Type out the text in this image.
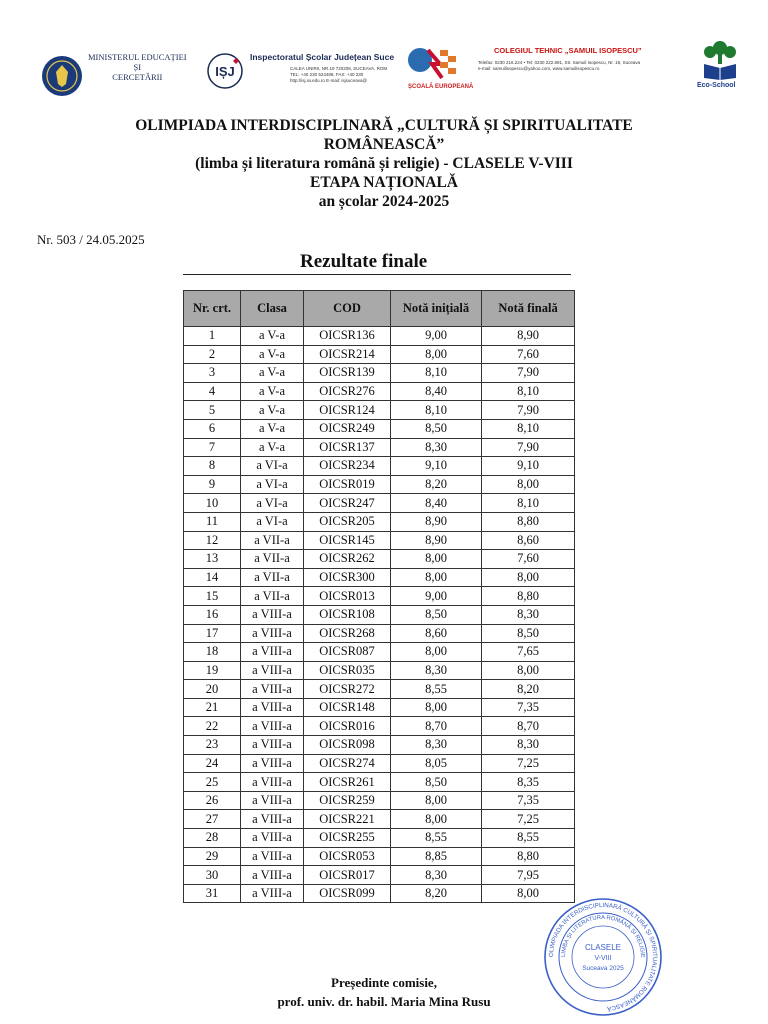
MINISTERUL EDUCAȚIEI
ȘI
CERCETĂRII	IȘJ
Inspectoratul Școlar Județean Suce
CALEA UNIRII, NR.19 720208, SUCEAVA, ROM
TEL: +40 230 524488, FAX: +40 230
http://isj.sv.edu.ro E-mail: isjsuceava@
ȘCOALĂ EUROPEANĂ
COLEGIUL TEHNIC „SAMUIL ISOPESCU”
Telefax: 0230 216.224 • Tel: 0230 222.891, Str. Samuil Isopescu, Nr. 19, Suceava
e-mail: samuilisopescu@yahoo.com, www.samuilisopescu.ro
Eco-School
OLIMPIADA INTERDISCIPLINARĂ „CULTURĂ ȘI SPIRITUALITATE
ROMÂNEASCĂ”
(limba și literatura română și religie) - CLASELE V-VIII
ETAPA NAȚIONALĂ
an școlar 2024-2025
Nr. 503 / 24.05.2025
Rezultate finale
Nr. crt.	Clasa	COD	Notă inițială	Notă finală
1	a V-a	OICSR136	9,00	8,90
2	a V-a	OICSR214	8,00	7,60
3	a V-a	OICSR139	8,10	7,90
4	a V-a	OICSR276	8,40	8,10
5	a V-a	OICSR124	8,10	7,90
6	a V-a	OICSR249	8,50	8,10
7	a V-a	OICSR137	8,30	7,90
8	a VI-a	OICSR234	9,10	9,10
9	a VI-a	OICSR019	8,20	8,00
10	a VI-a	OICSR247	8,40	8,10
11	a VI-a	OICSR205	8,90	8,80
12	a VII-a	OICSR145	8,90	8,60
13	a VII-a	OICSR262	8,00	7,60
14	a VII-a	OICSR300	8,00	8,00
15	a VII-a	OICSR013	9,00	8,80
16	a VIII-a	OICSR108	8,50	8,30
17	a VIII-a	OICSR268	8,60	8,50
18	a VIII-a	OICSR087	8,00	7,65
19	a VIII-a	OICSR035	8,30	8,00
20	a VIII-a	OICSR272	8,55	8,20
21	a VIII-a	OICSR148	8,00	7,35
22	a VIII-a	OICSR016	8,70	8,70
23	a VIII-a	OICSR098	8,30	8,30
24	a VIII-a	OICSR274	8,05	7,25
25	a VIII-a	OICSR261	8,50	8,35
26	a VIII-a	OICSR259	8,00	7,35
27	a VIII-a	OICSR221	8,00	7,25
28	a VIII-a	OICSR255	8,55	8,55
29	a VIII-a	OICSR053	8,85	8,80
30	a VIII-a	OICSR017	8,30	7,95
31	a VIII-a	OICSR099	8,20	8,00
Președinte comisie,
prof. univ. dr. habil. Maria Mina Rusu
OLIMPIADA INTERDISCIPLINARĂ CULTURĂ ȘI SPIRITUALITATE ROMÂNEASCĂ
LIMBA ȘI LITERATURA ROMÂNĂ ȘI RELIGIE
CLASELE
V-VIII
Suceava 2025
